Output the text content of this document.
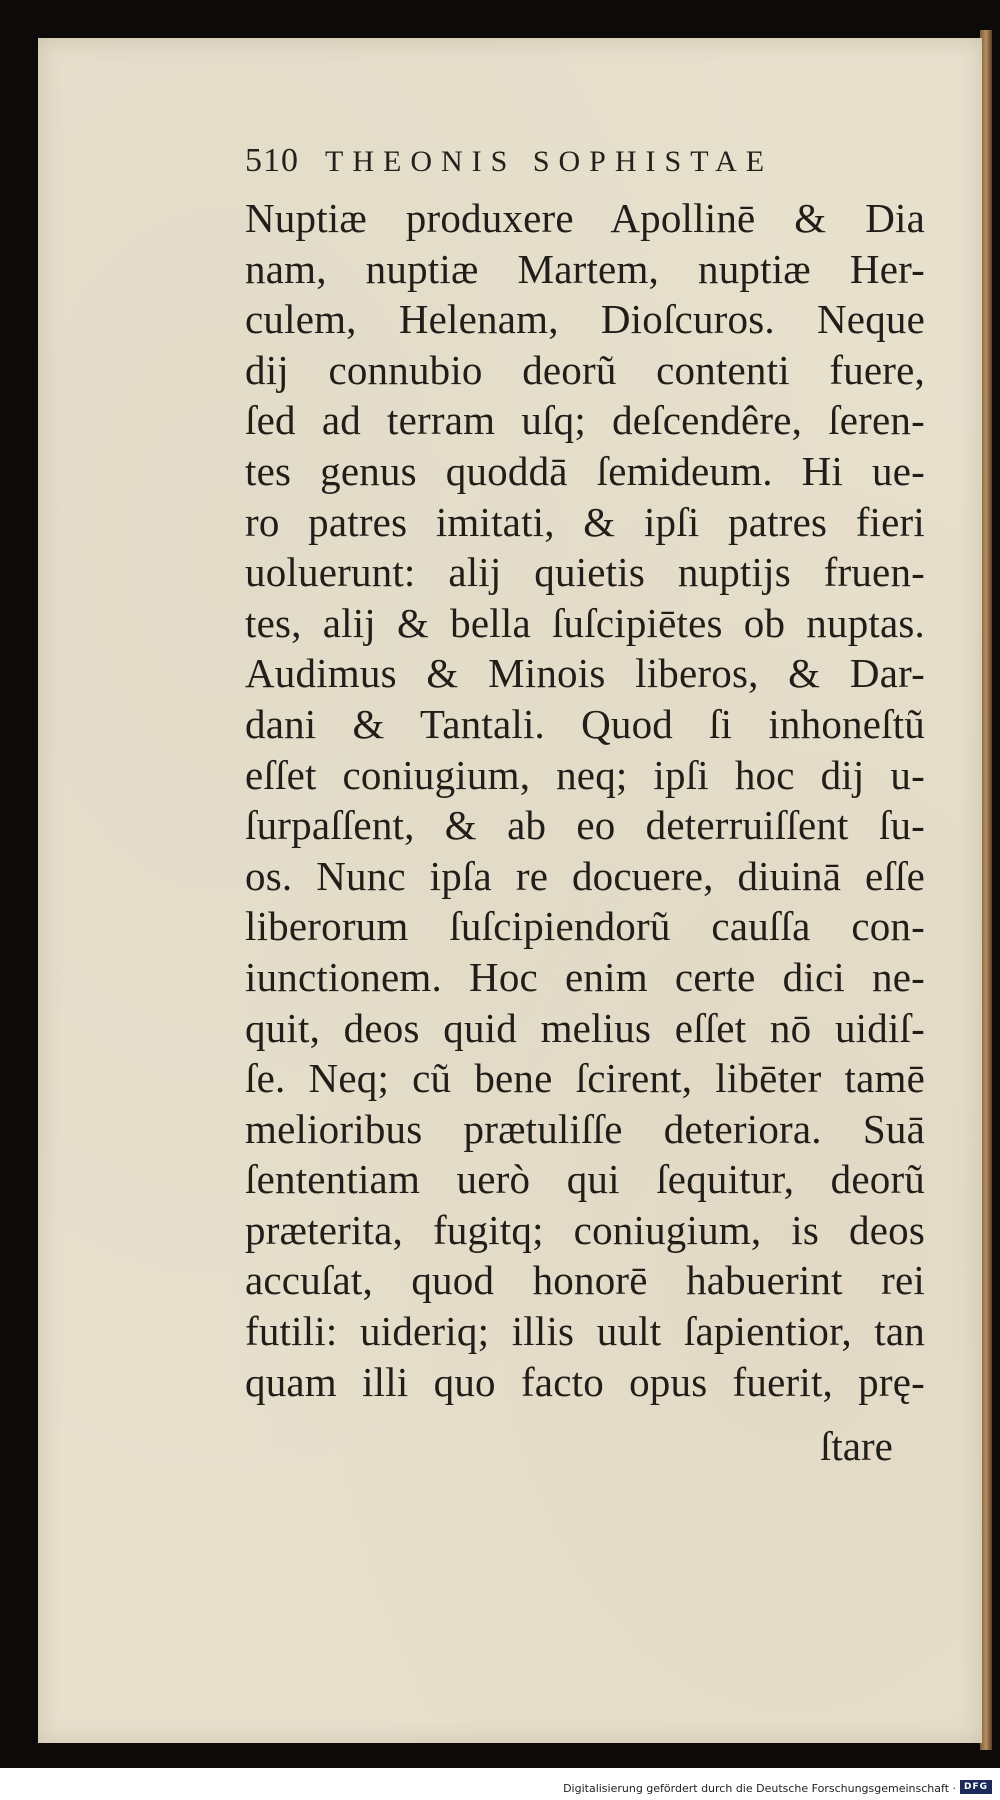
510 THEONIS SOPHISTAE
Nuptiæ produxere Apollinē & Dia
nam, nuptiæ Martem, nuptiæ Her-
culem, Helenam, Dioſcuros. Neque
dij connubio deorũ contenti fuere,
ſed ad terram uſq; deſcendêre, ſeren-
tes genus quoddā ſemideum. Hi ue-
ro patres imitati, & ipſi patres fieri
uoluerunt: alij quietis nuptijs fruen-
tes, alij & bella ſuſcipiētes ob nuptas.
Audimus & Minois liberos, & Dar-
dani & Tantali. Quod ſi inhoneſtũ
eſſet coniugium, neq; ipſi hoc dij u-
ſurpaſſent, & ab eo deterruiſſent ſu-
os. Nunc ipſa re docuere, diuinā eſſe
liberorum ſuſcipiendorũ cauſſa con-
iunctionem. Hoc enim certe dici ne-
quit, deos quid melius eſſet nō uidiſ-
ſe. Neq; cũ bene ſcirent, libēter tamē
melioribus prætuliſſe deteriora. Suā
ſententiam uerò qui ſequitur, deorũ
præterita, fugitq; coniugium, is deos
accuſat, quod honorē habuerint rei
futili: uideriq; illis uult ſapientior, tan
quam illi quo facto opus fuerit, prę-
ſtare
Digitalisierung gefördert durch die Deutsche Forschungsgemeinschaft · DFG
